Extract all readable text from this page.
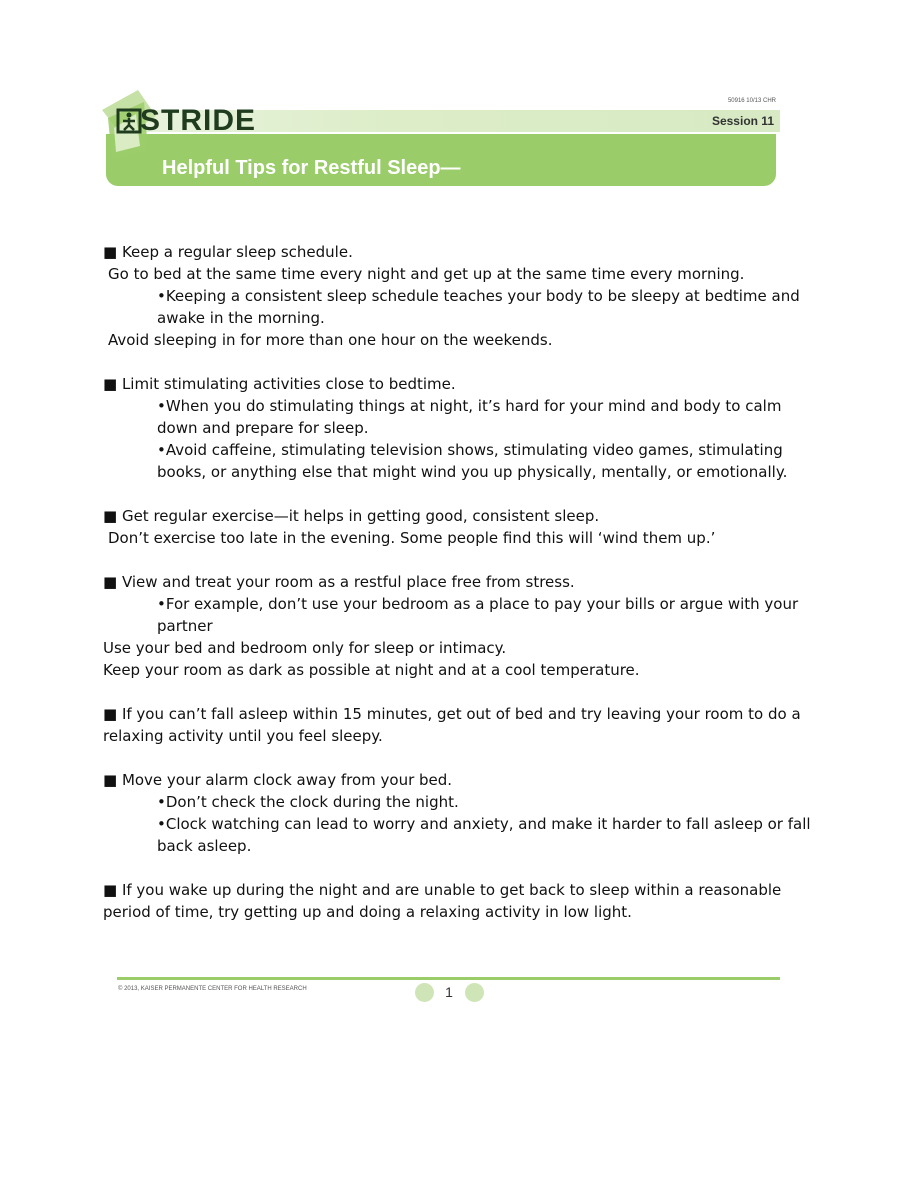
STRIDE
50916 10/13 CHR
Session 11
Helpful Tips for Restful Sleep—
■ Keep a regular sleep schedule.
Go to bed at the same time every night and get up at the same time every morning.
•Keeping a consistent sleep schedule teaches your body to be sleepy at bedtime and
awake in the morning.
Avoid sleeping in for more than one hour on the weekends.
■ Limit stimulating activities close to bedtime.
•When you do stimulating things at night, it’s hard for your mind and body to calm
down and prepare for sleep.
•Avoid caffeine, stimulating television shows, stimulating video games, stimulating
books, or anything else that might wind you up physically, mentally, or emotionally.
■ Get regular exercise—it helps in getting good, consistent sleep.
Don’t exercise too late in the evening. Some people find this will ‘wind them up.’
■ View and treat your room as a restful place free from stress.
•For example, don’t use your bedroom as a place to pay your bills or argue with your
partner
Use your bed and bedroom only for sleep or intimacy.
Keep your room as dark as possible at night and at a cool temperature.
■ If you can’t fall asleep within 15 minutes, get out of bed and try leaving your room to do a
relaxing activity until you feel sleepy.
■ Move your alarm clock away from your bed.
•Don’t check the clock during the night.
•Clock watching can lead to worry and anxiety, and make it harder to fall asleep or fall
back asleep.
■ If you wake up during the night and are unable to get back to sleep within a reasonable
period of time, try getting up and doing a relaxing activity in low light.
© 2013, KAISER PERMANENTE CENTER FOR HEALTH RESEARCH	1
